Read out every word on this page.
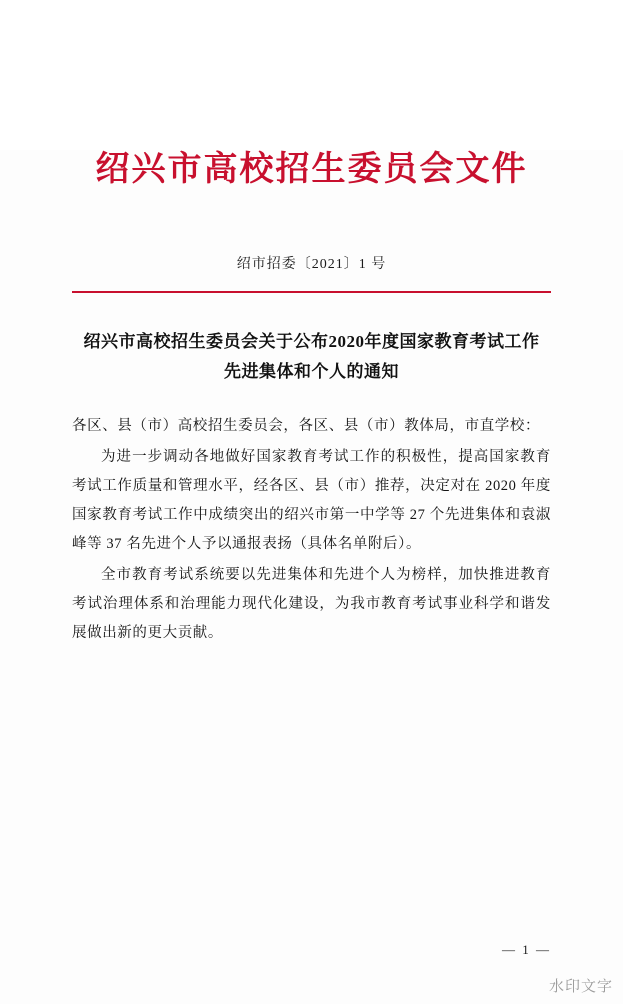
绍兴市高校招生委员会文件
绍市招委〔2021〕1 号
绍兴市高校招生委员会关于公布2020年度国家教育考试工作先进集体和个人的通知

各区、县（市）高校招生委员会，各区、县（市）教体局，市直学校：

为进一步调动各地做好国家教育考试工作的积极性，提高国家教育考试工作质量和管理水平，经各区、县（市）推荐，决定对在 2020 年度国家教育考试工作中成绩突出的绍兴市第一中学等 27 个先进集体和袁淑峰等 37 名先进个人予以通报表扬（具体名单附后）。

全市教育考试系统要以先进集体和先进个人为榜样，加快推进教育考试治理体系和治理能力现代化建设，为我市教育考试事业科学和谐发展做出新的更大贡献。

— 1 —
水印文字
